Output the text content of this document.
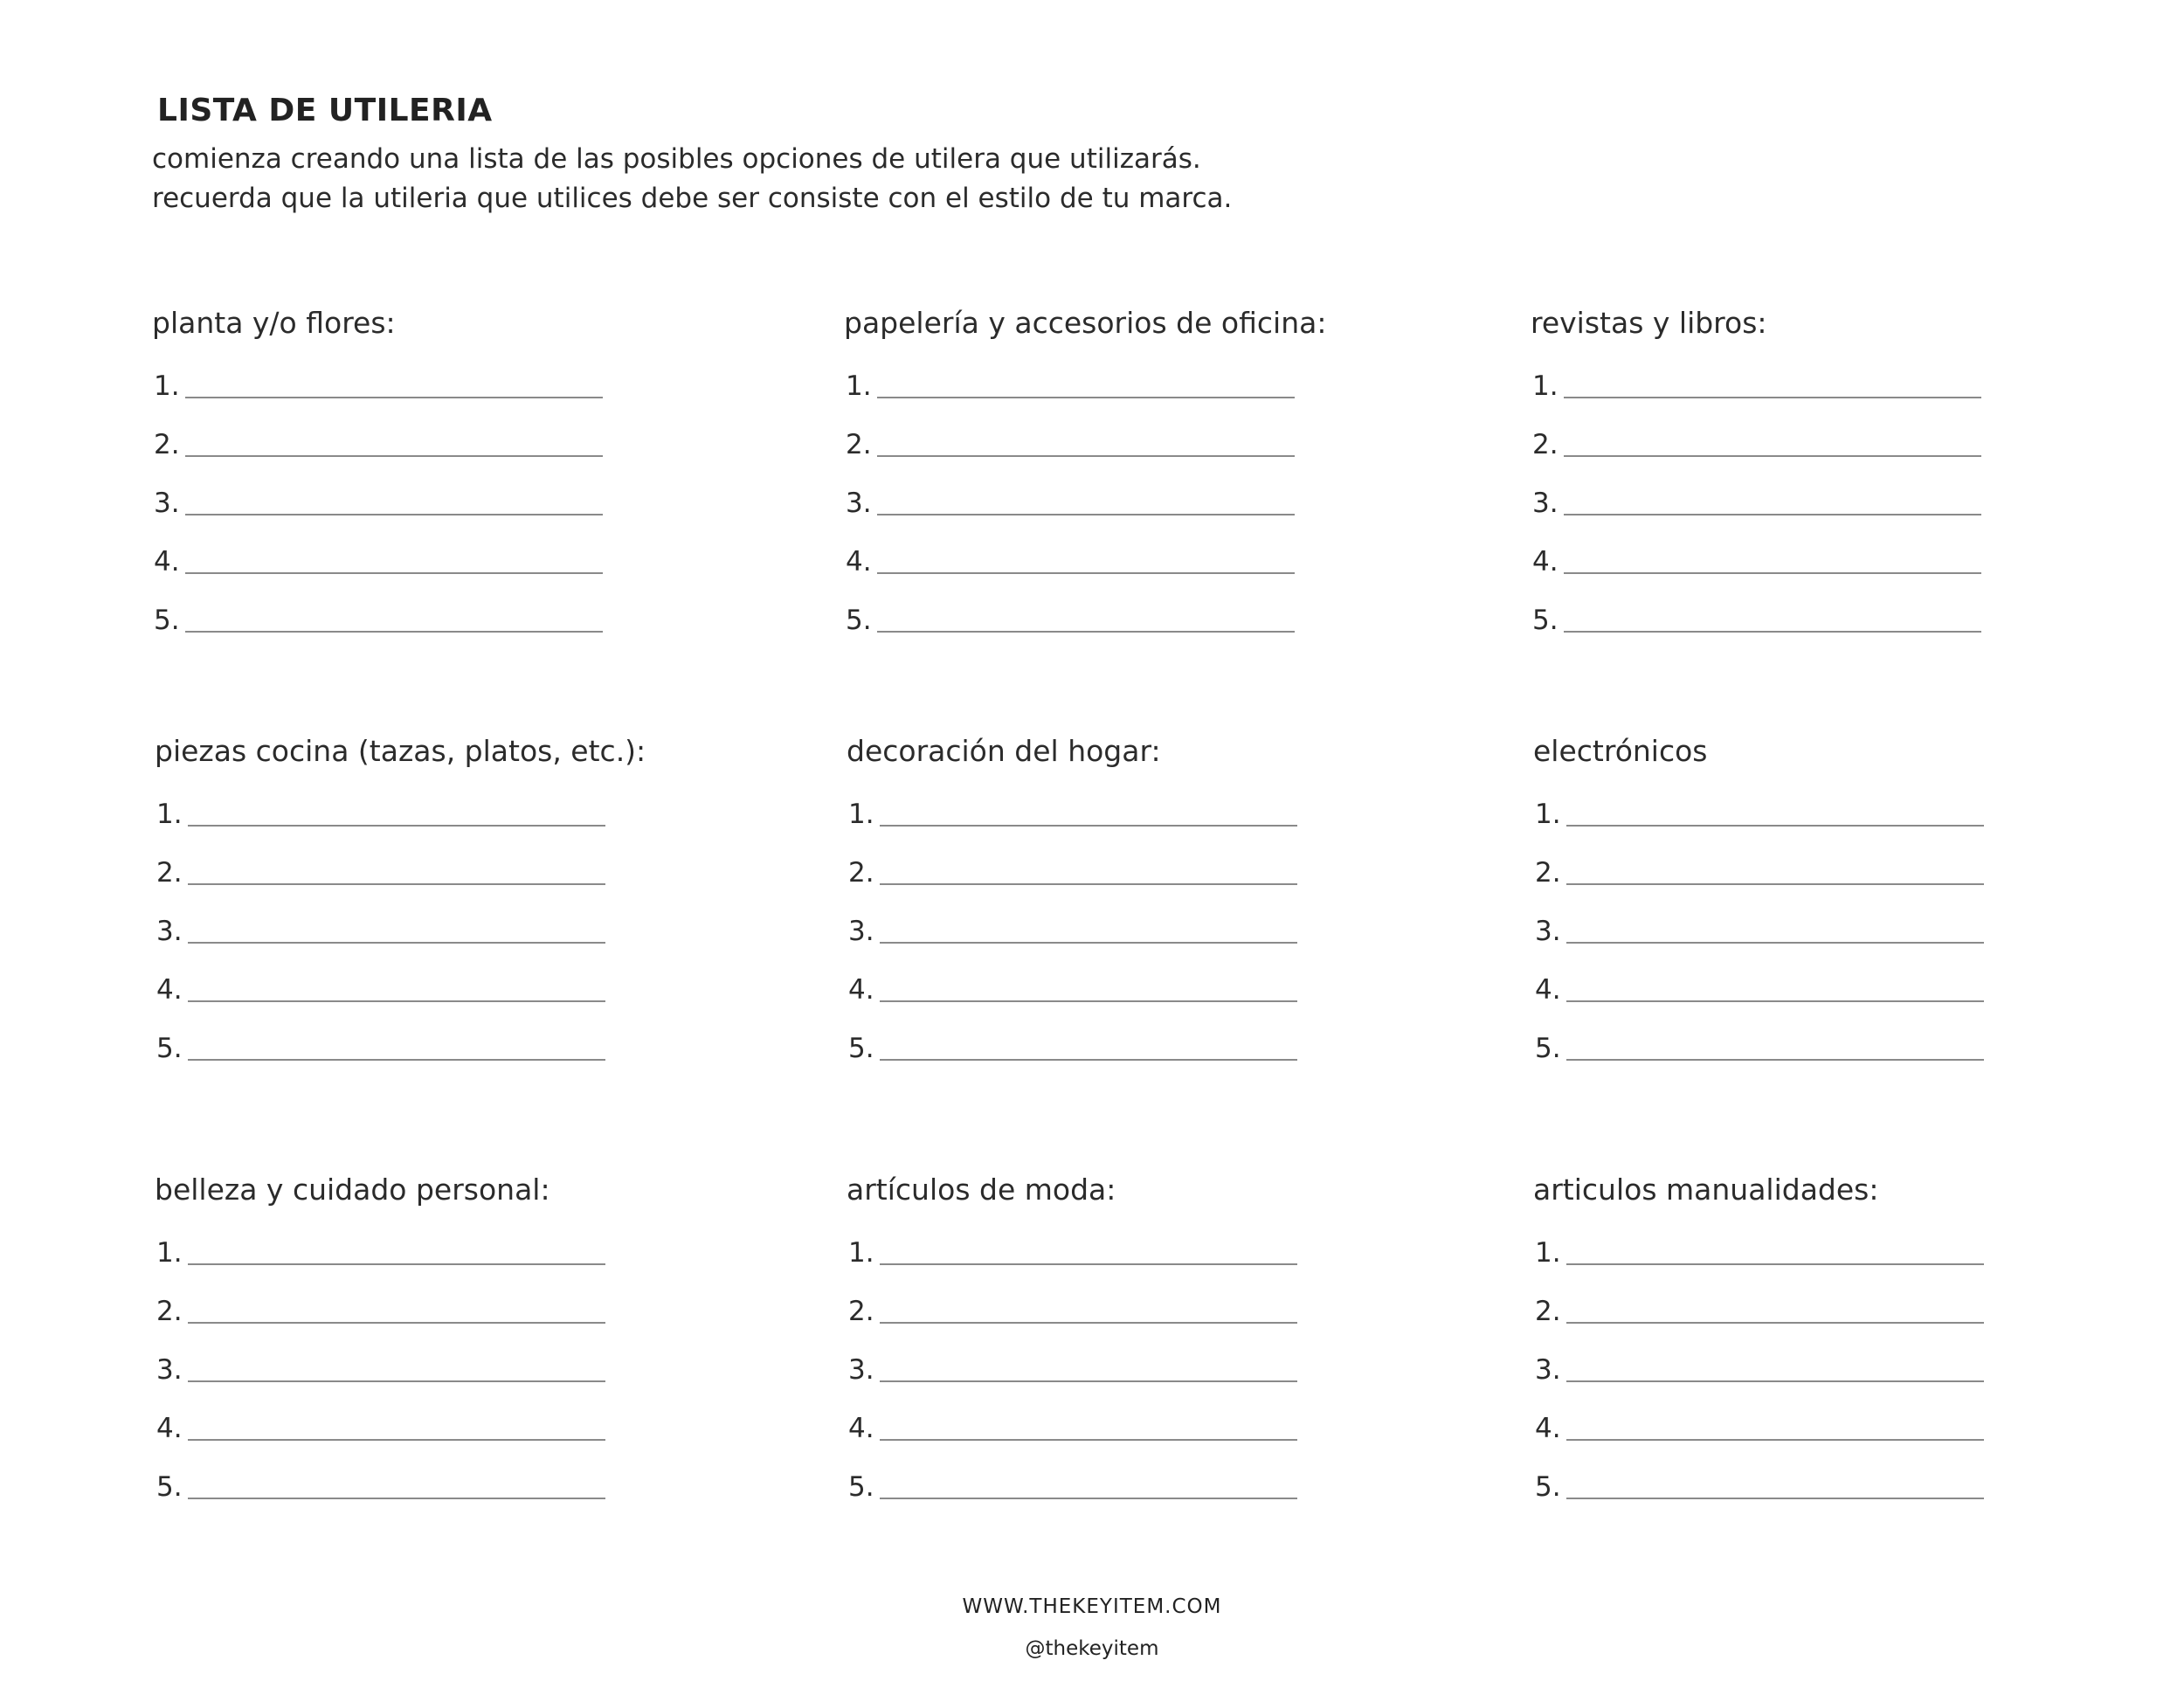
LISTA DE UTILERIA
comienza creando una lista de las posibles opciones de utilera que utilizarás.
recuerda que la utileria que utilices debe ser consiste con el estilo de tu marca.
planta y/o flores:
1.
2.
3.
4.
5.
papelería y accesorios de oficina:
1.
2.
3.
4.
5.
revistas y libros:
1.
2.
3.
4.
5.
piezas cocina (tazas, platos, etc.):
1.
2.
3.
4.
5.
decoración del hogar:
1.
2.
3.
4.
5.
electrónicos
1.
2.
3.
4.
5.
belleza y cuidado personal:
1.
2.
3.
4.
5.
artículos de moda:
1.
2.
3.
4.
5.
articulos manualidades:
1.
2.
3.
4.
5.
WWW.THEKEYITEM.COM
@thekeyitem
